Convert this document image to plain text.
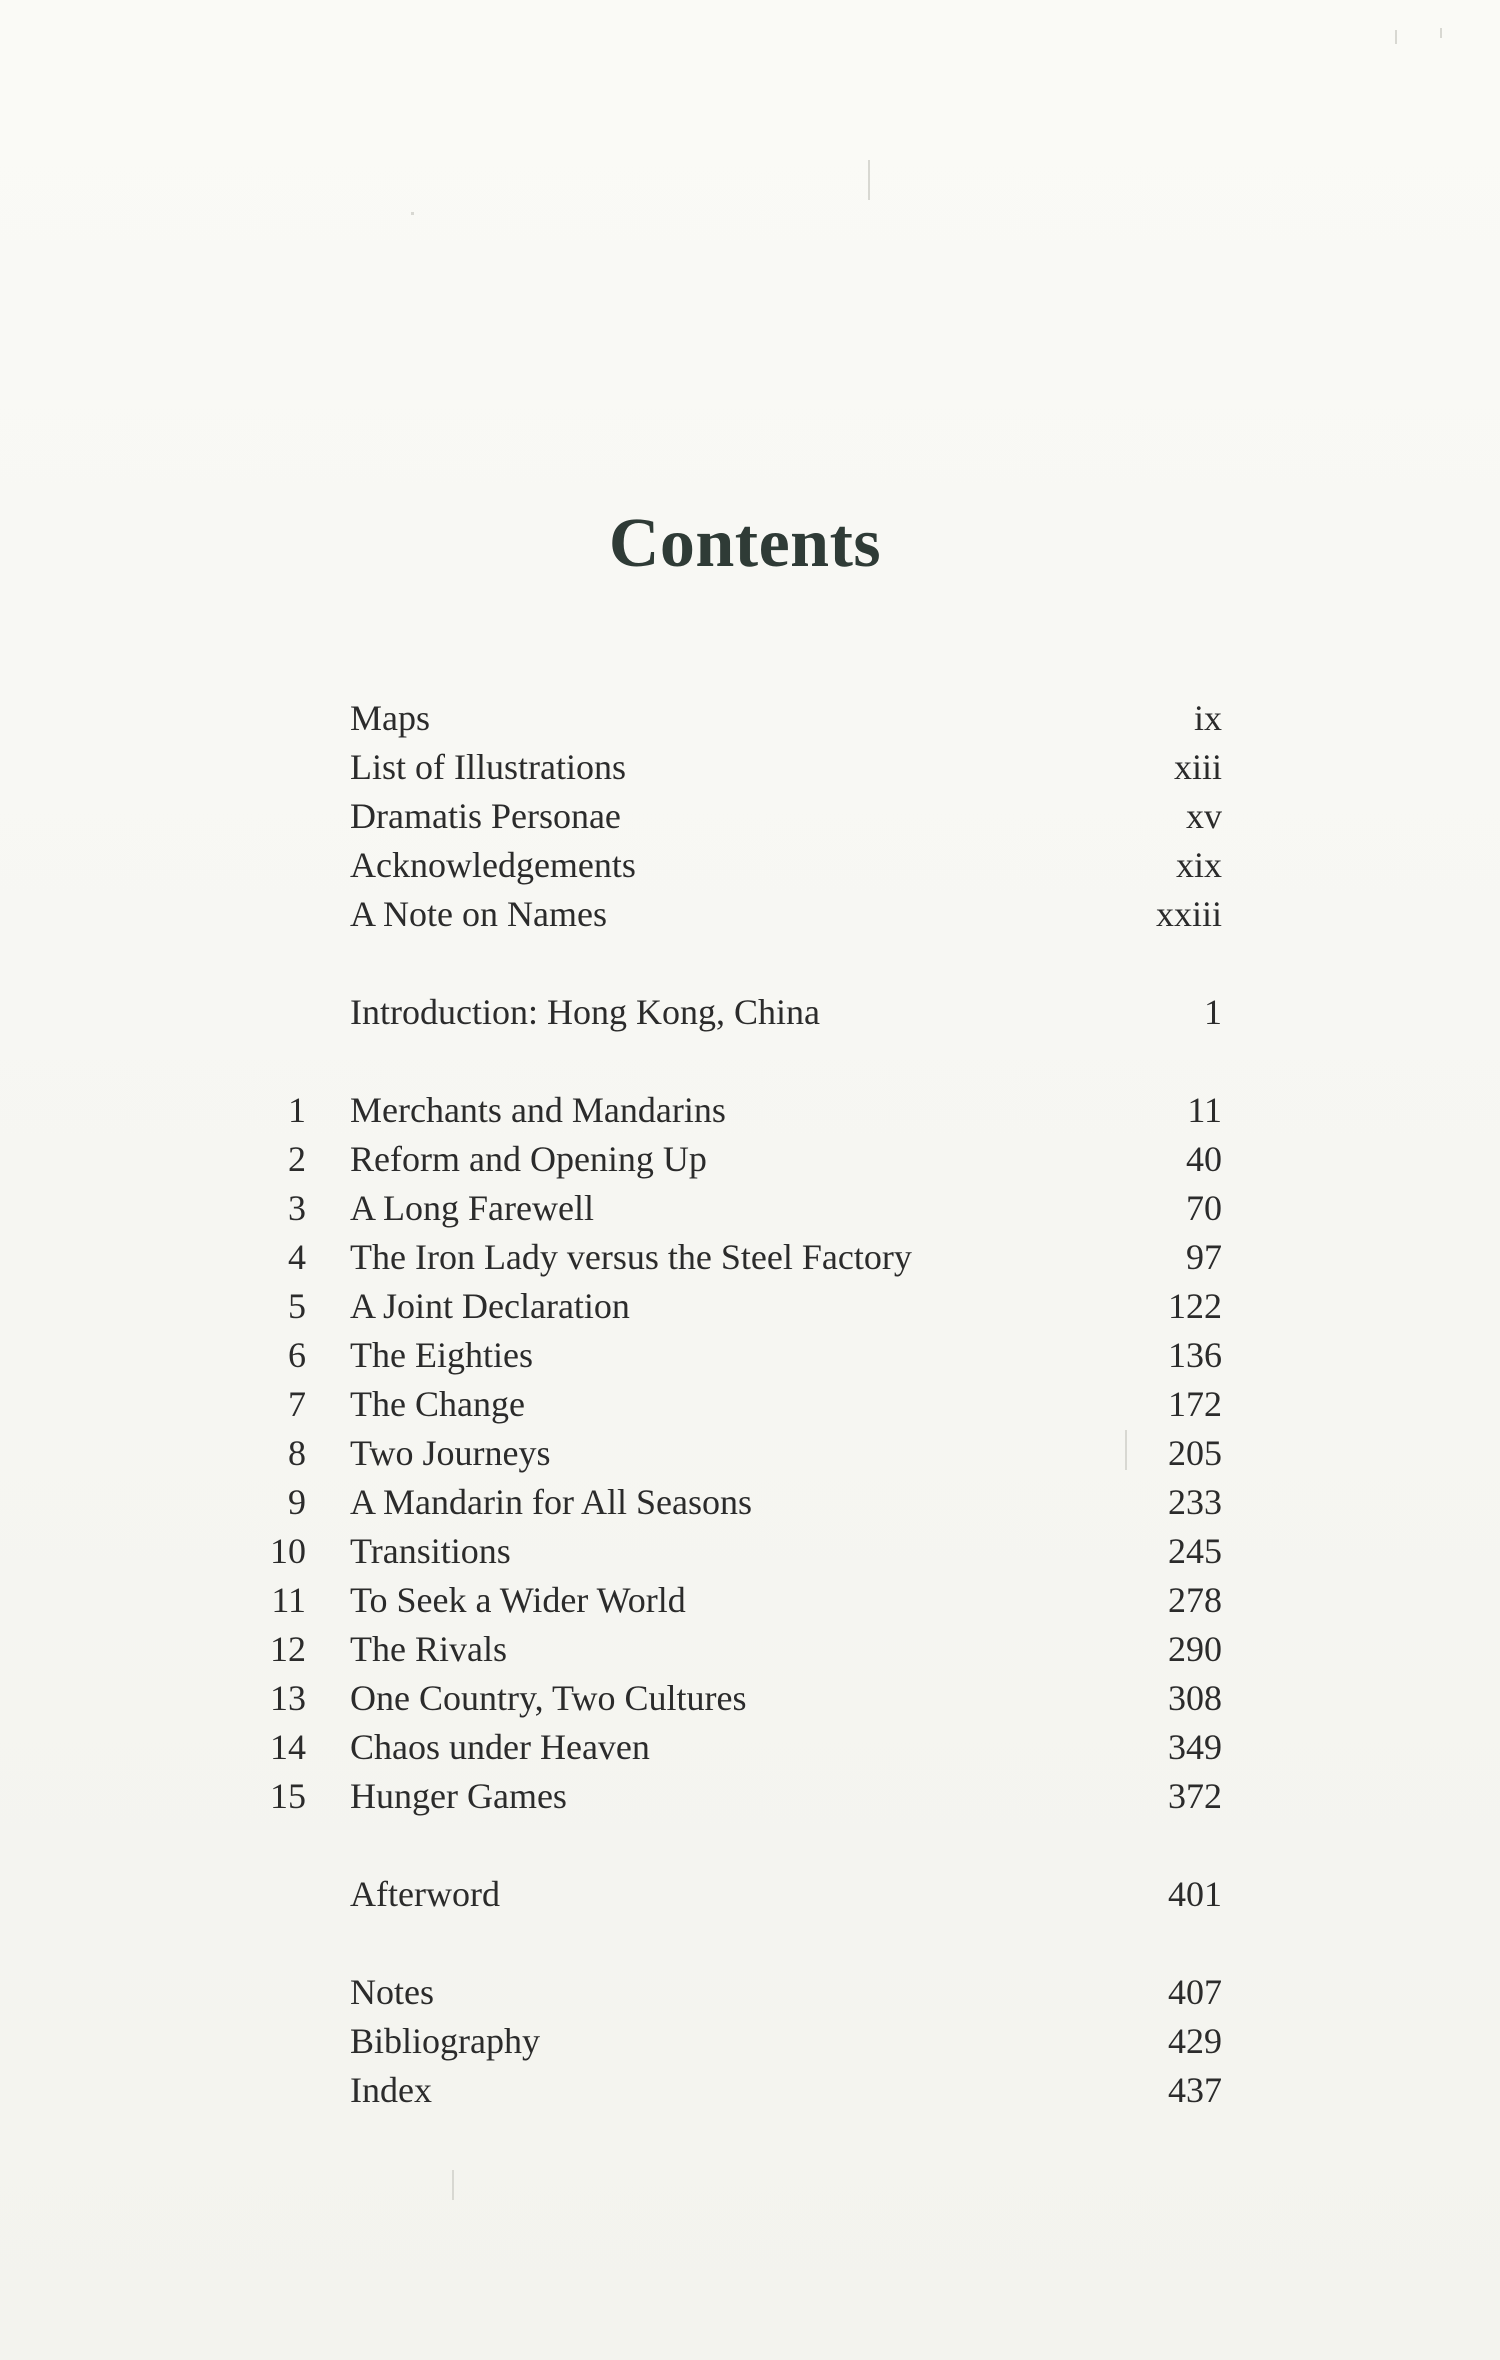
Contents
Maps	ix
List of Illustrations	xiii
Dramatis Personae	xv
Acknowledgements	xix
A Note on Names	xxiii
Introduction: Hong Kong, China	1
1 Merchants and Mandarins	11
2 Reform and Opening Up	40
3 A Long Farewell	70
4 The Iron Lady versus the Steel Factory	97
5 A Joint Declaration	122
6 The Eighties	136
7 The Change	172
8 Two Journeys	205
9 A Mandarin for All Seasons	233
10 Transitions	245
11 To Seek a Wider World	278
12 The Rivals	290
13 One Country, Two Cultures	308
14 Chaos under Heaven	349
15 Hunger Games	372
Afterword	401
Notes	407
Bibliography	429
Index	437
